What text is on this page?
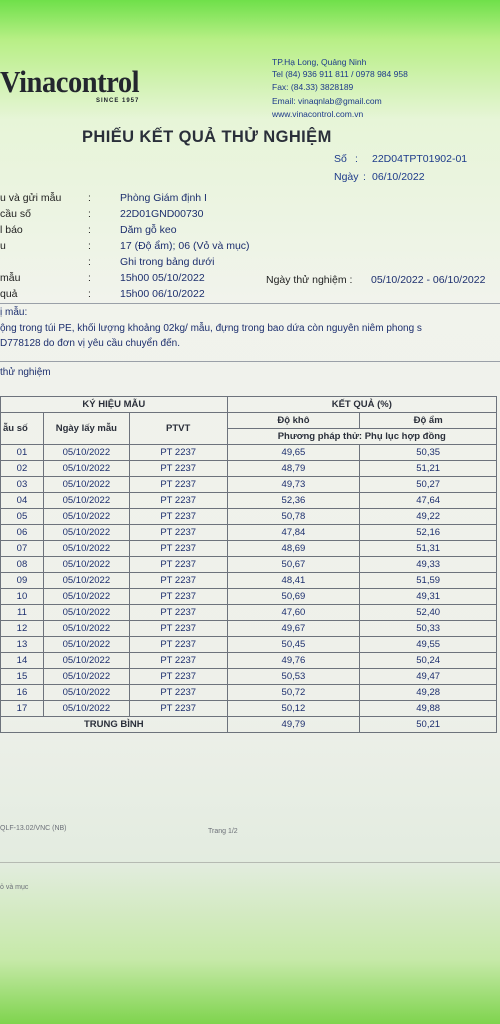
Vinacontrol
SINCE 1957
TP.Hạ Long, Quảng Ninh
Tel (84) 936 911 811 / 0978 984 958
Fax: (84.33) 3828189
Email: vinaqnlab@gmail.com
www.vinacontrol.com.vn
PHIẾU KẾT QUẢ THỬ NGHIỆM
Số : 22D04TPT01902-01
Ngày : 06/10/2022
u và gửi mẫu	:	Phòng Giám định I
cầu số	:	22D01GND00730
l báo	:	Dăm gỗ keo
u	:	17 (Độ ẩm); 06 (Vỏ và mục)
:	Ghi trong bảng dưới
mẫu	:	15h00 05/10/2022
quả	:	15h00 06/10/2022
Ngày thử nghiệm : 05/10/2022 - 06/10/2022
ị mẫu:
ộng trong túi PE, khối lượng khoảng 02kg/ mẫu, đựng trong bao dứa còn nguyên niêm phong s
D778128 do đơn vị yêu cầu chuyển đến.
thử nghiệm
KÝ HIỆU MẪU			KẾT QUẢ (%)	
ẫu số	Ngày lấy mẫu	PTVT	Độ khô	Độ ẩm
			Phương pháp thử: Phụ lục hợp đồng	
01	05/10/2022	PT 2237	49,65	50,35
02	05/10/2022	PT 2237	48,79	51,21
03	05/10/2022	PT 2237	49,73	50,27
04	05/10/2022	PT 2237	52,36	47,64
05	05/10/2022	PT 2237	50,78	49,22
06	05/10/2022	PT 2237	47,84	52,16
07	05/10/2022	PT 2237	48,69	51,31
08	05/10/2022	PT 2237	50,67	49,33
09	05/10/2022	PT 2237	48,41	51,59
10	05/10/2022	PT 2237	50,69	49,31
11	05/10/2022	PT 2237	47,60	52,40
12	05/10/2022	PT 2237	49,67	50,33
13	05/10/2022	PT 2237	50,45	49,55
14	05/10/2022	PT 2237	49,76	50,24
15	05/10/2022	PT 2237	50,53	49,47
16	05/10/2022	PT 2237	50,72	49,28
17	05/10/2022	PT 2237	50,12	49,88
TRUNG BÌNH			49,79	50,21
QLF-13.02/VNC (NB)	Trang 1/2
ỏ và mục
